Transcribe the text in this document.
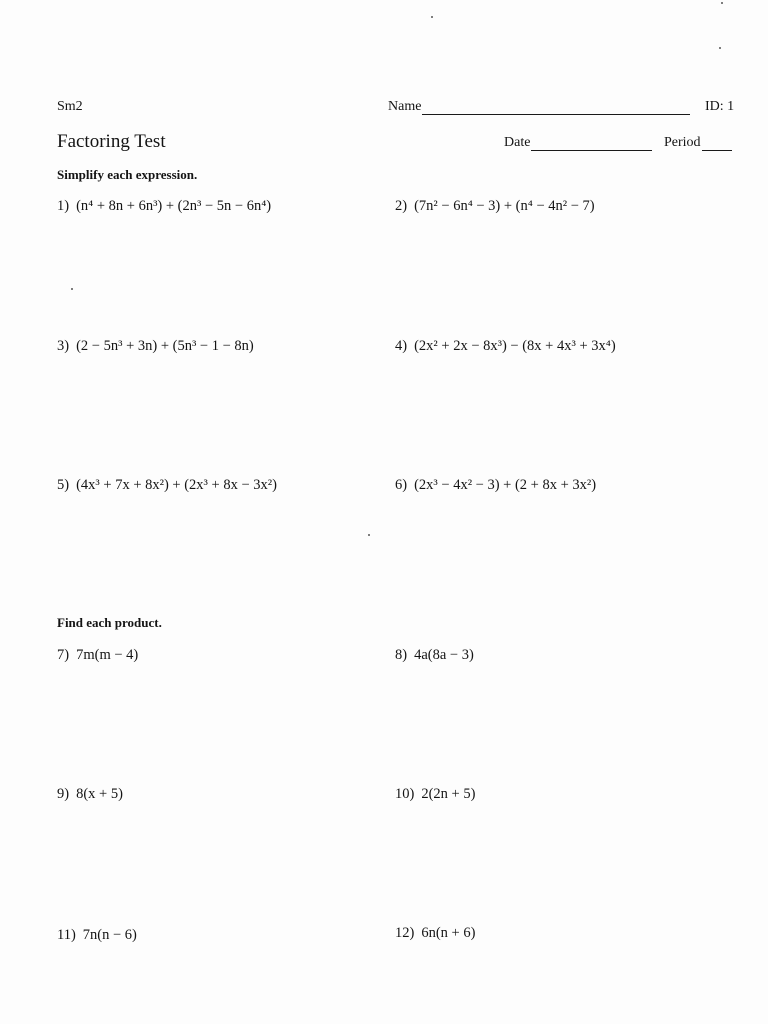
Sm2	Name	ID: 1
Factoring Test	Date	Period
Simplify each expression.
1) (n⁴ + 8n + 6n³) + (2n³ − 5n − 6n⁴)	2) (7n² − 6n⁴ − 3) + (n⁴ − 4n² − 7)
3) (2 − 5n³ + 3n) + (5n³ − 1 − 8n)	4) (2x² + 2x − 8x³) − (8x + 4x³ + 3x⁴)
5) (4x³ + 7x + 8x²) + (2x³ + 8x − 3x²)	6) (2x³ − 4x² − 3) + (2 + 8x + 3x²)
Find each product.
7) 7m(m − 4)	8) 4a(8a − 3)
9) 8(x + 5)	10) 2(2n + 5)
11) 7n(n − 6)	12) 6n(n + 6)
